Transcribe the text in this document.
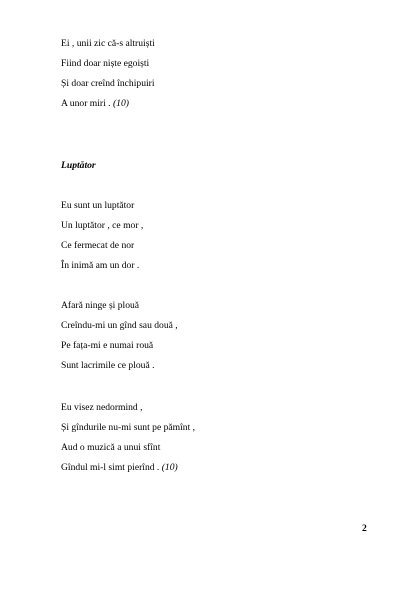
Ei , unii zic că-s altruiști
Fiind doar niște egoiști
Și doar creînd închipuiri
A unor miri . (10)
Luptător
Eu sunt un luptător
Un luptător , ce mor ,
Ce fermecat de nor
În inimă am un dor .
Afară ninge și plouă
Creîndu-mi un gînd sau două ,
Pe fața-mi e numai rouă
Sunt lacrimile ce plouă .
Eu visez nedormind ,
Și gîndurile nu-mi sunt pe pămînt ,
Aud o muzică a unui sfînt
Gîndul mi-l simt pierînd . (10)
2
